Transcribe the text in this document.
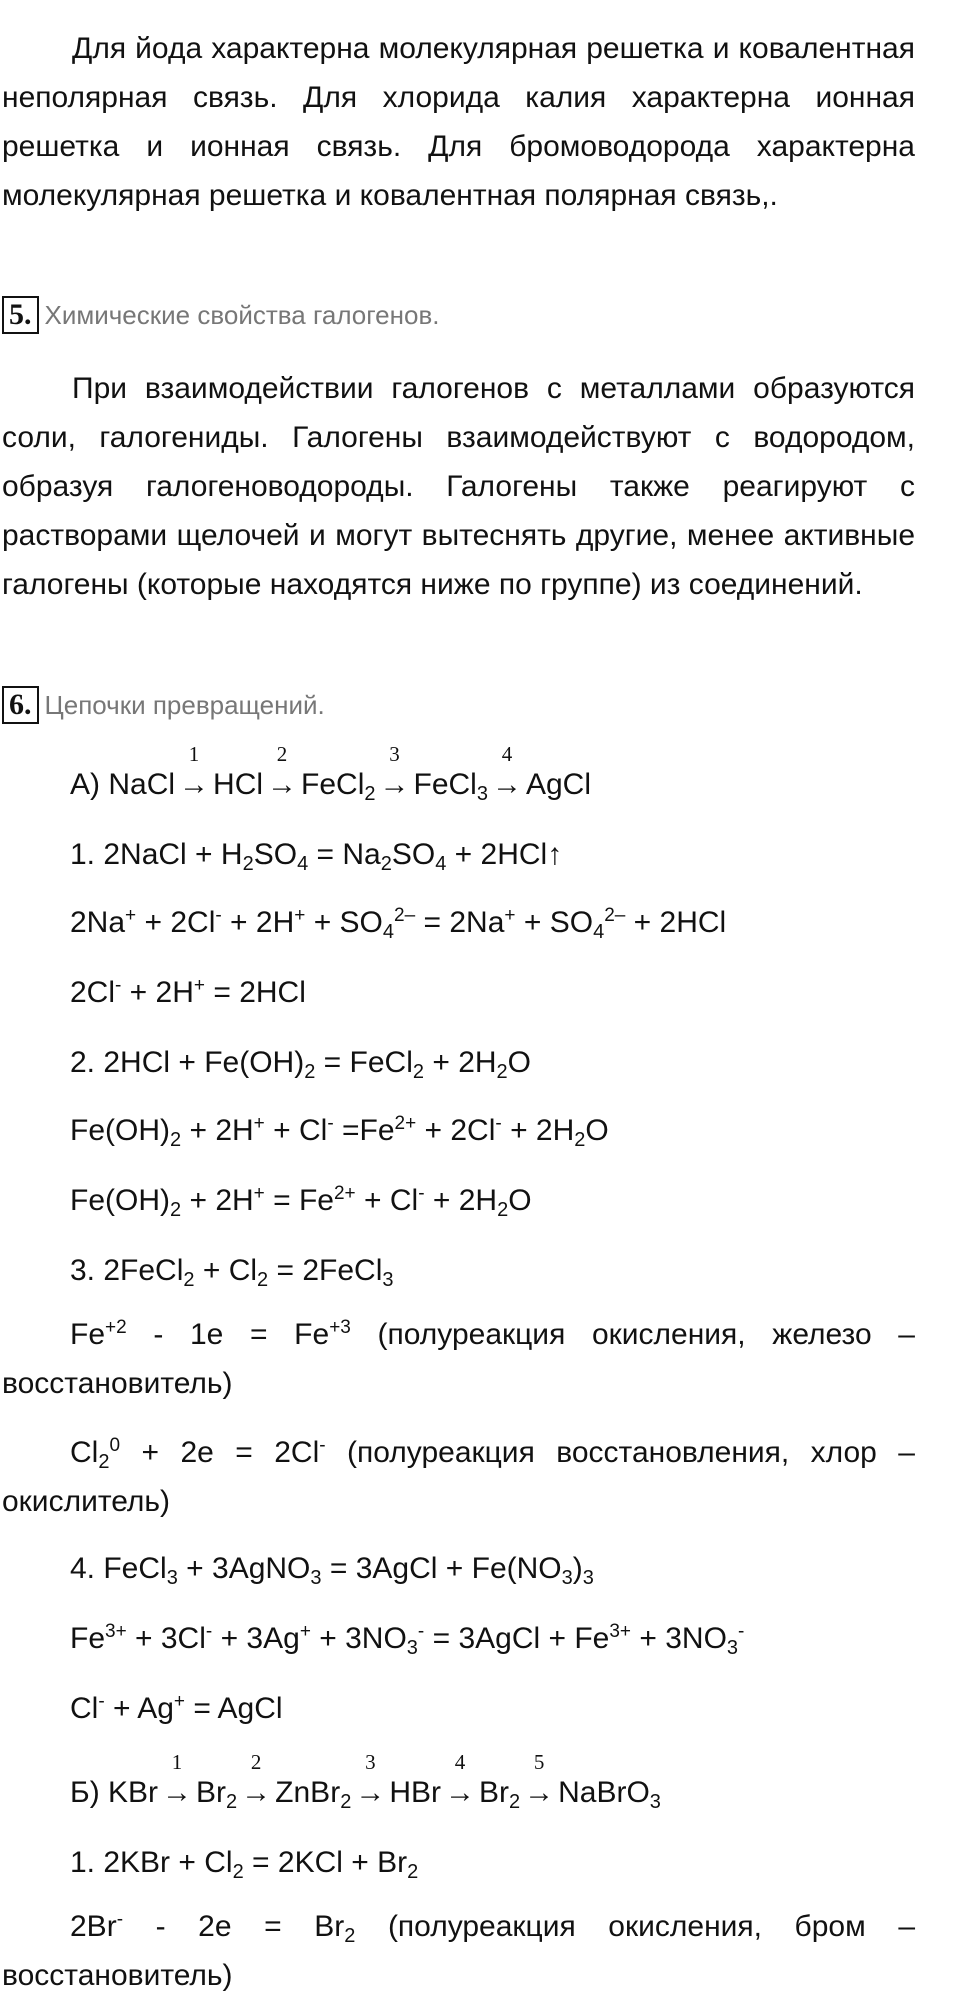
Для йода характерна молекулярная решетка и ковалентная неполярная связь. Для хлорида калия характерна ионная решетка и ионная связь. Для бромоводорода характерна молекулярная решетка и ковалентная полярная связь,.

5. Химические свойства галогенов.

При взаимодействии галогенов с металлами образуются соли, галогениды. Галогены взаимодействуют с водородом, образуя галогеноводороды. Галогены также реагируют с растворами щелочей и могут вытеснять другие, менее активные галогены (которые находятся ниже по группе) из соединений.

6. Цепочки превращений.
А) NaCl
1
→ HCl
2
→ FeCl$_2$
3
→ FeCl$_3$
4
→ AgCl
1. 2NaCl + $H_2SO_4 = Na_2SO_4$ + 2HCl↑
$2Na^+ + 2Cl^- + 2H^+ + SO_4^{2-} = 2Na^+ + SO_4^{2-} + 2HCl$
2Cl- + 2H+ = 2HCl
2. $2HCl + Fe(OH)_2$ = FeCl$_2$ + $2H_2O$
$Fe(OH)_2 + 2H^+ + Cl^- =Fe^{2+} + 2Cl^- + 2H_2O$
$Fe(OH)_2 + 2H^+ = Fe^{2+} + Cl^- + 2H_2O$
3. 2FeCl$_2$ + $Cl_2$ = 2FeCl$_3$
$Fe^{+2} - 1e = Fe^{+3}$ (полуреакция окисления, железо –
восстановитель)
$Cl_2^0 + 2e = 2Cl^-$ (полуреакция восстановления, хлор –
окислитель)
4. FeCl$_3$ + 3AgNO$_3$ = 3AgCl + $Fe(NO_3)_3$
$Fe^{3+} + 3Cl^- + 3Ag^+ + 3NO_3^-$ = 3AgCl + $Fe^{3+} + 3NO_3^-$
Cl- + Ag+ = AgCl
Б) KBr
1
→ $Br_2$
2
→ ZnBr$_2$
3
→ HBr
4
→ $Br_2$
5
→ NaBrO$_3$
1. $2KBr + Cl_2 = 2KCl + Br_2$
$2Br^- - 2e = Br_2$ (полуреакция окисления, бром –
восстановитель)
